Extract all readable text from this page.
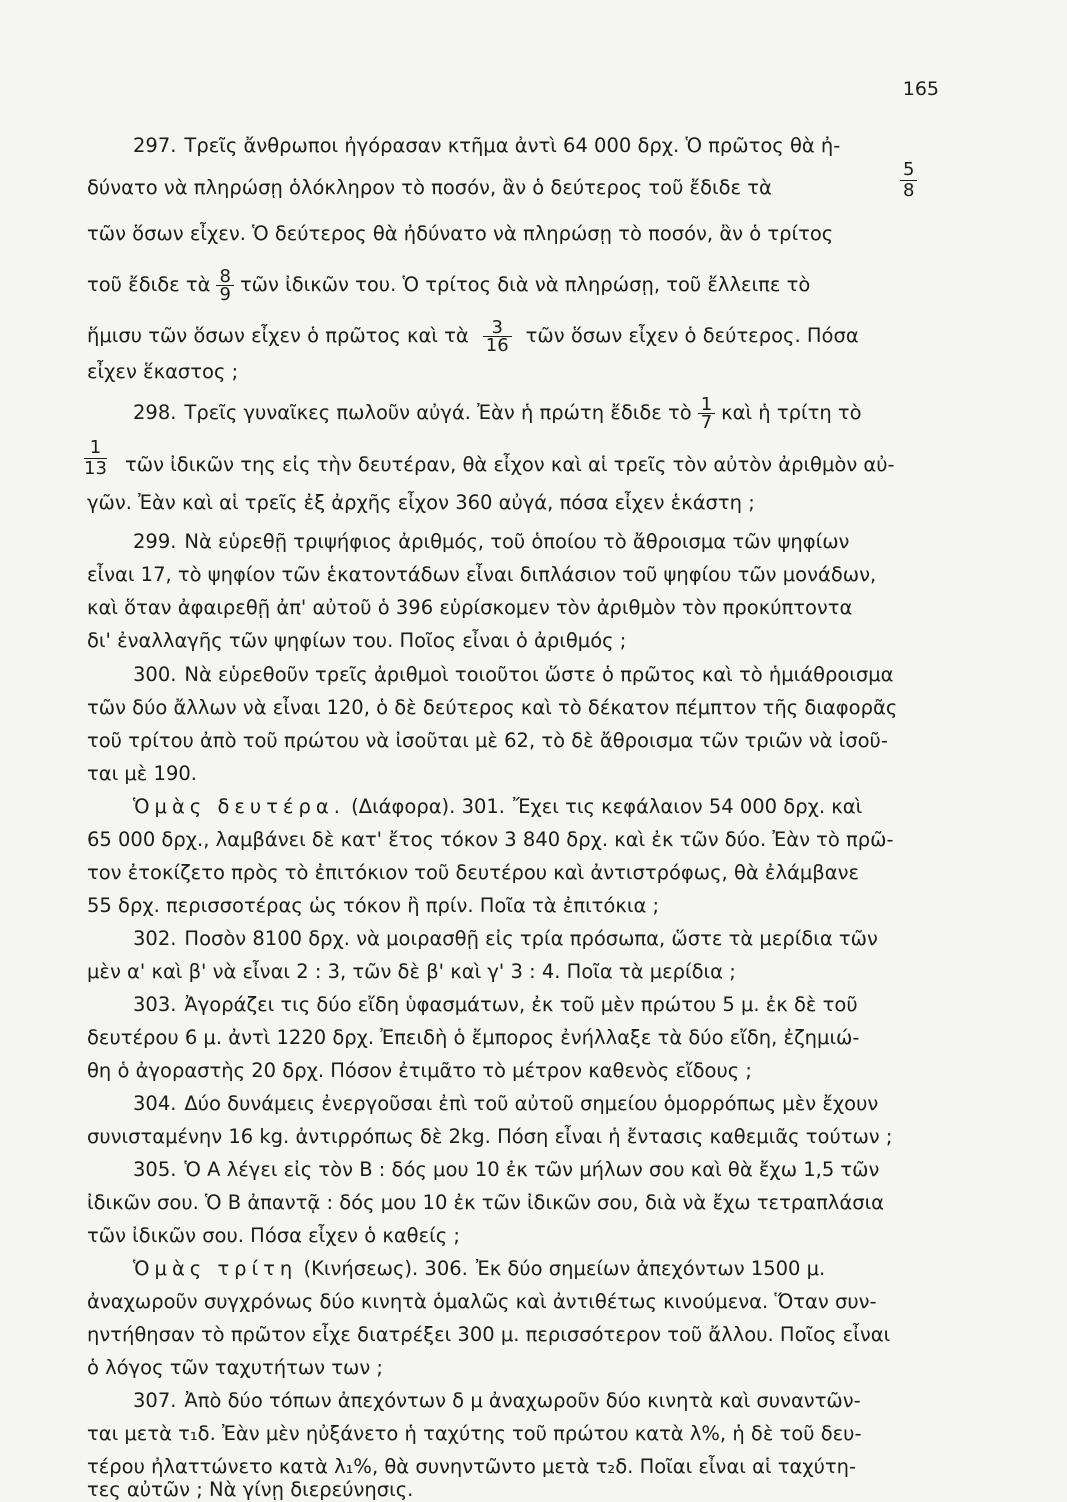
165
297. Τρεῖς ἄνθρωποι ἠγόρασαν κτῆμα ἀντὶ 64 000 δρχ. Ὁ πρῶτος θὰ ἠ-
δύνατο νὰ πληρώσῃ ὁλόκληρον τὸ ποσόν, ἂν ὁ δεύτερος τοῦ ἔδιδε τὰ	$\frac{5}{8}$
τῶν ὅσων εἶχεν. Ὁ δεύτερος θὰ ἠδύνατο νὰ πληρώσῃ τὸ ποσόν, ἂν ὁ τρίτος
τοῦ ἔδιδε τὰ $\frac{8}{9}$ τῶν ἰδικῶν του. Ὁ τρίτος διὰ νὰ πληρώσῃ, τοῦ ἔλλειπε τὸ
ἥμισυ τῶν ὅσων εἶχεν ὁ πρῶτος καὶ τὰ $\frac{3}{16}$ τῶν ὅσων εἶχεν ὁ δεύτερος. Πόσα
εἶχεν ἕκαστος ;
298. Τρεῖς γυναῖκες πωλοῦν αὐγά. Ἐὰν ἡ πρώτη ἔδιδε τὸ $\frac{1}{7}$ καὶ ἡ τρίτη τὸ
$\frac{1}{13}$ τῶν ἰδικῶν της εἰς τὴν δευτέραν, θὰ εἶχον καὶ αἱ τρεῖς τὸν αὐτὸν ἀριθμὸν αὐ-
γῶν. Ἐὰν καὶ αἱ τρεῖς ἐξ ἀρχῆς εἶχον 360 αὐγά, πόσα εἶχεν ἑκάστη ;
299. Νὰ εὑρεθῇ τριψήφιος ἀριθμός, τοῦ ὁποίου τὸ ἄθροισμα τῶν ψηφίων
εἶναι 17, τὸ ψηφίον τῶν ἑκατοντάδων εἶναι διπλάσιον τοῦ ψηφίου τῶν μονάδων,
καὶ ὅταν ἀφαιρεθῇ ἀπ' αὐτοῦ ὁ 396 εὑρίσκομεν τὸν ἀριθμὸν τὸν προκύπτοντα
δι' ἐναλλαγῆς τῶν ψηφίων του. Ποῖος εἶναι ὁ ἀριθμός ;
300. Νὰ εὑρεθοῦν τρεῖς ἀριθμοὶ τοιοῦτοι ὥστε ὁ πρῶτος καὶ τὸ ἡμιάθροισμα
τῶν δύο ἄλλων νὰ εἶναι 120, ὁ δὲ δεύτερος καὶ τὸ δέκατον πέμπτον τῆς διαφορᾶς
τοῦ τρίτου ἀπὸ τοῦ πρώτου νὰ ἰσοῦται μὲ 62, τὸ δὲ ἄθροισμα τῶν τριῶν νὰ ἰσοῦ-
ται μὲ 190.
Ὁμὰς δευτέρα. (Διάφορα). 301. Ἔχει τις κεφάλαιον 54 000 δρχ. καὶ
65 000 δρχ., λαμβάνει δὲ κατ' ἔτος τόκον 3 840 δρχ. καὶ ἐκ τῶν δύο. Ἐὰν τὸ πρῶ-
τον ἐτοκίζετο πρὸς τὸ ἐπιτόκιον τοῦ δευτέρου καὶ ἀντιστρόφως, θὰ ἐλάμβανε
55 δρχ. περισσοτέρας ὡς τόκον ἢ πρίν. Ποῖα τὰ ἐπιτόκια ;
302. Ποσὸν 8100 δρχ. νὰ μοιρασθῇ εἰς τρία πρόσωπα, ὥστε τὰ μερίδια τῶν
μὲν α' καὶ β' νὰ εἶναι 2 : 3, τῶν δὲ β' καὶ γ' 3 : 4. Ποῖα τὰ μερίδια ;
303. Ἀγοράζει τις δύο εἴδη ὑφασμάτων, ἐκ τοῦ μὲν πρώτου 5 μ. ἐκ δὲ τοῦ
δευτέρου 6 μ. ἀντὶ 1220 δρχ. Ἐπειδὴ ὁ ἔμπορος ἐνήλλαξε τὰ δύο εἴδη, ἐζημιώ-
θη ὁ ἀγοραστὴς 20 δρχ. Πόσον ἐτιμᾶτο τὸ μέτρον καθενὸς εἴδους ;
304. Δύο δυνάμεις ἐνεργοῦσαι ἐπὶ τοῦ αὐτοῦ σημείου ὁμορρόπως μὲν ἔχουν
συνισταμένην 16 kg. ἀντιρρόπως δὲ 2kg. Πόση εἶναι ἡ ἔντασις καθεμιᾶς τούτων ;
305. Ὁ Α λέγει εἰς τὸν Β : δός μου 10 ἐκ τῶν μήλων σου καὶ θὰ ἔχω 1,5 τῶν
ἰδικῶν σου. Ὁ Β ἀπαντᾷ : δός μου 10 ἐκ τῶν ἰδικῶν σου, διὰ νὰ ἔχω τετραπλάσια
τῶν ἰδικῶν σου. Πόσα εἶχεν ὁ καθείς ;
Ὁμὰς τρίτη (Κινήσεως). 306. Ἐκ δύο σημείων ἀπεχόντων 1500 μ.
ἀναχωροῦν συγχρόνως δύο κινητὰ ὁμαλῶς καὶ ἀντιθέτως κινούμενα. Ὅταν συν-
ηντήθησαν τὸ πρῶτον εἶχε διατρέξει 300 μ. περισσότερον τοῦ ἄλλου. Ποῖος εἶναι
ὁ λόγος τῶν ταχυτήτων των ;
307. Ἀπὸ δύο τόπων ἀπεχόντων δ μ ἀναχωροῦν δύο κινητὰ καὶ συναντῶν-
ται μετὰ τ₁δ. Ἐὰν μὲν ηὐξάνετο ἡ ταχύτης τοῦ πρώτου κατὰ λ%, ἡ δὲ τοῦ δευ-
τέρου ἠλαττώνετο κατὰ λ₁%, θὰ συνηντῶντο μετὰ τ₂δ. Ποῖαι εἶναι αἱ ταχύτη-
τες αὐτῶν ; Νὰ γίνῃ διερεύνησις.
